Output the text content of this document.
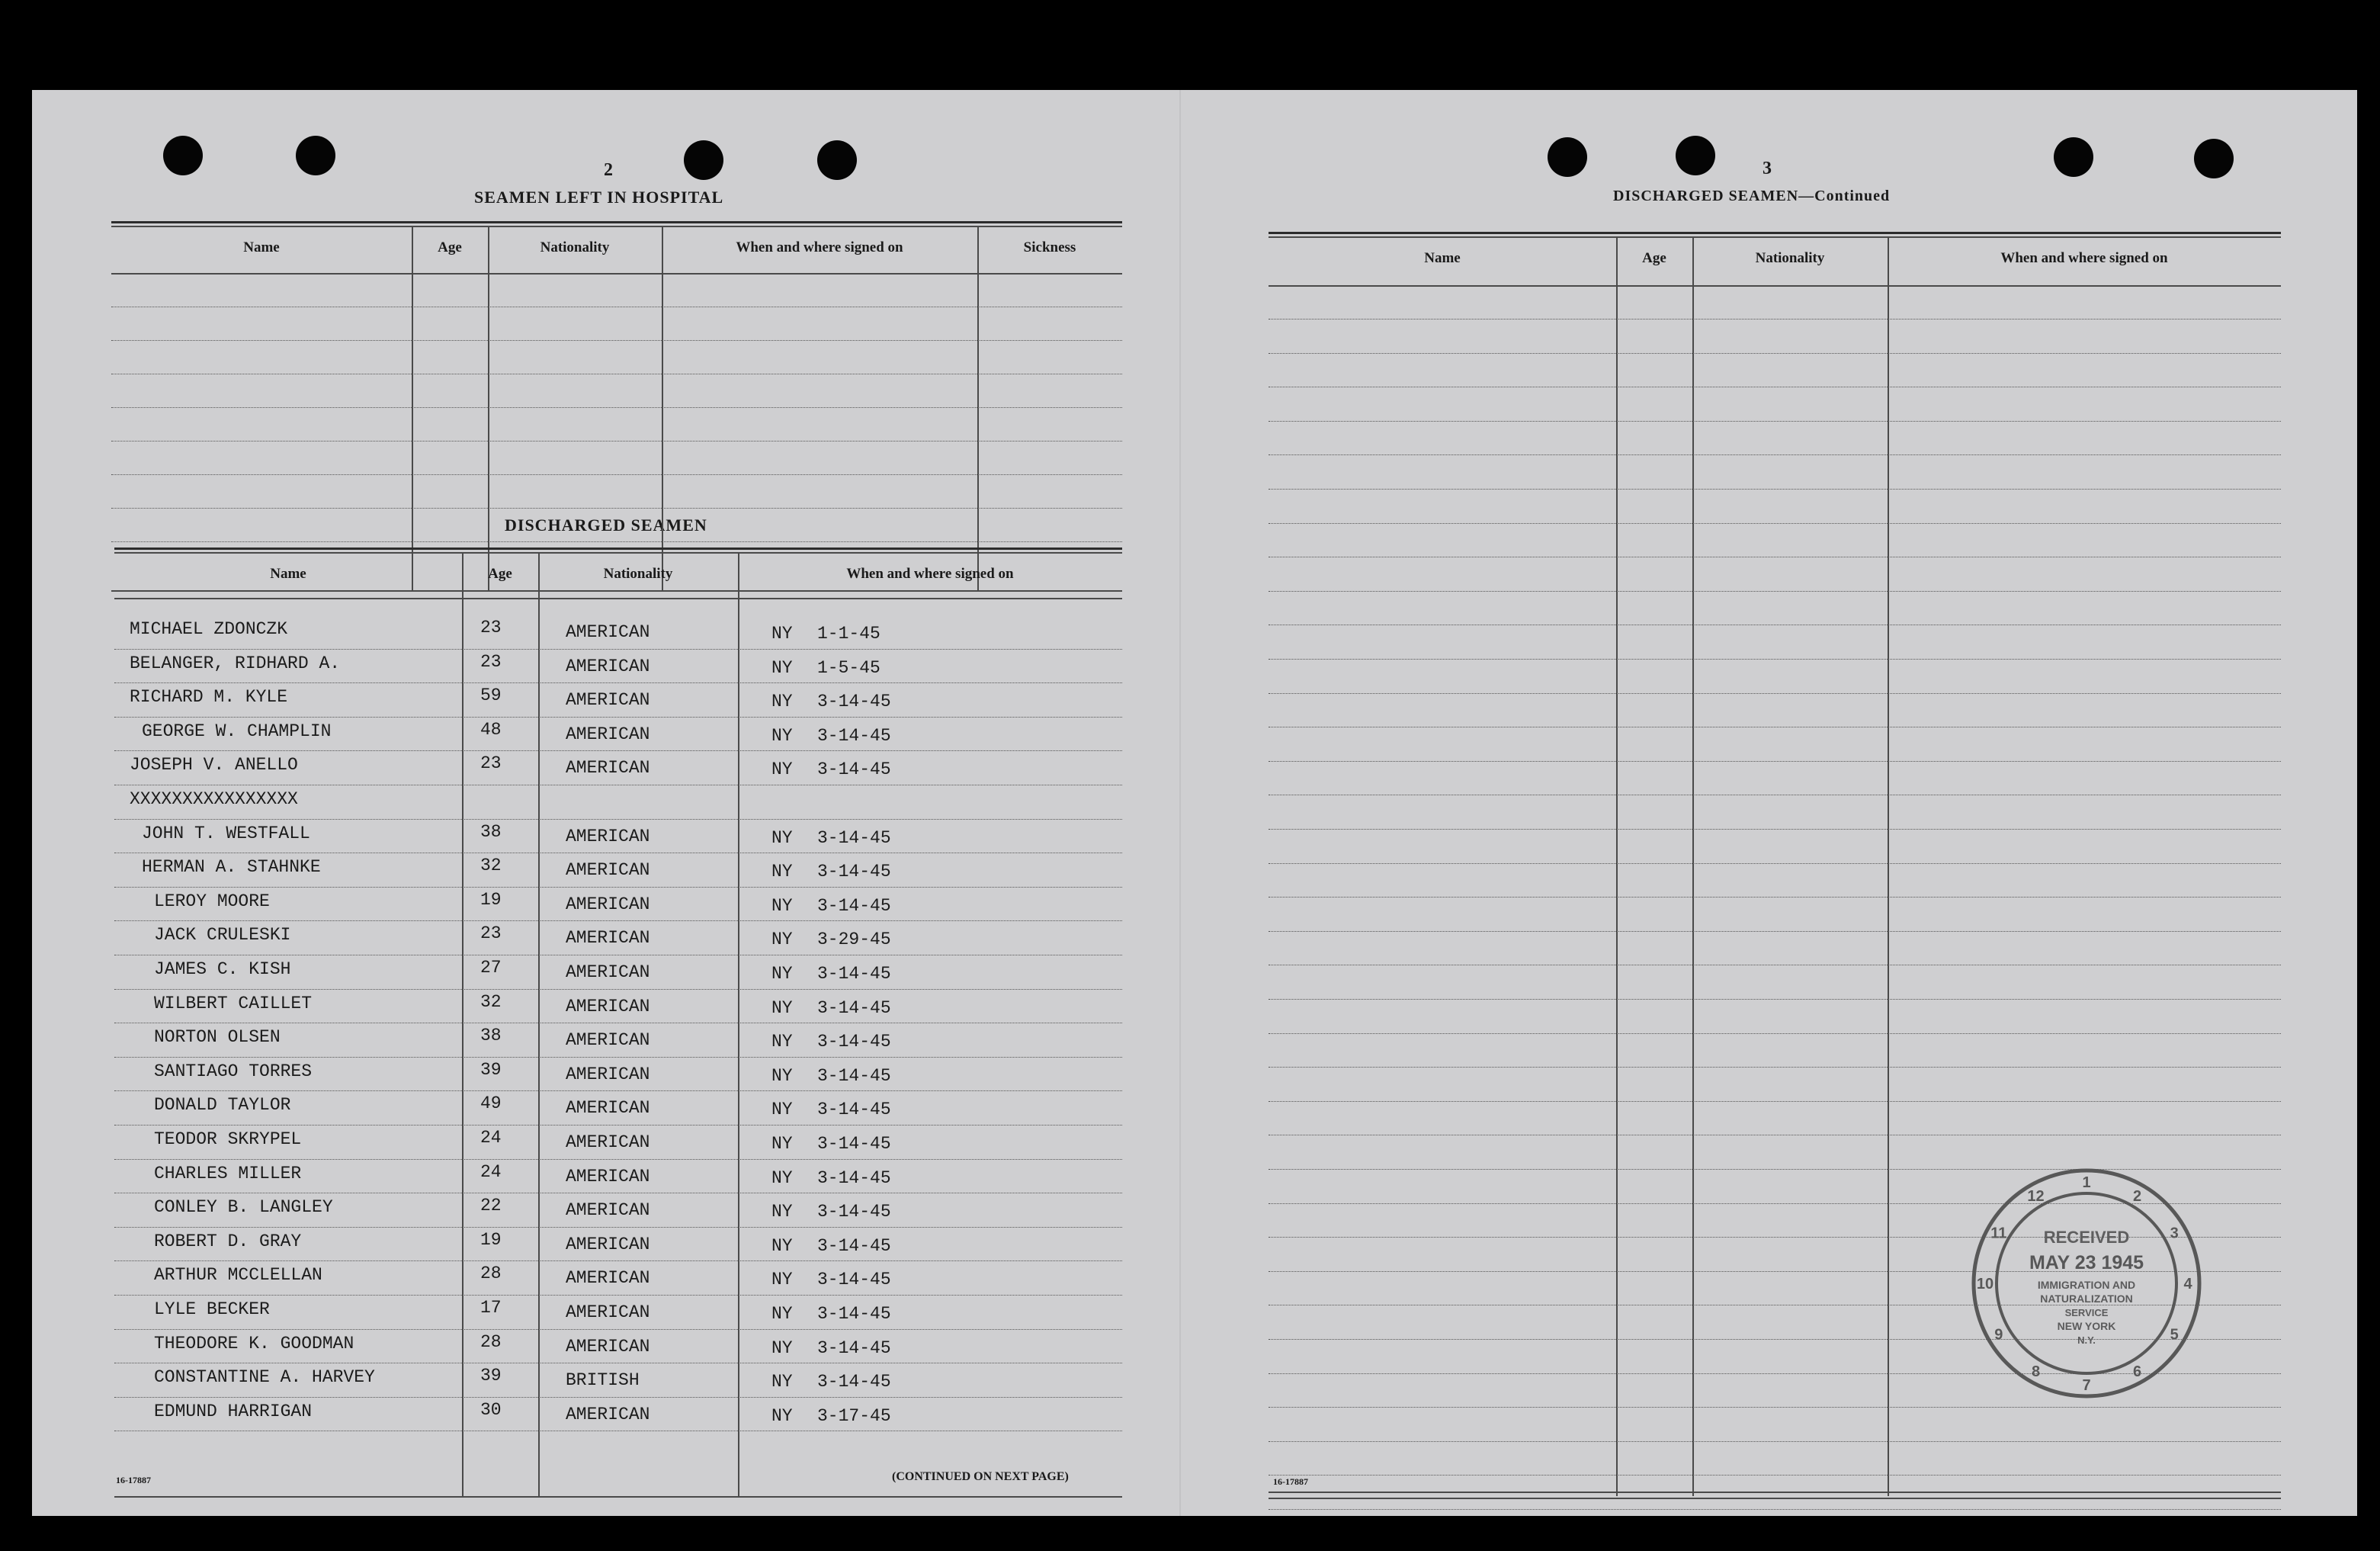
2
SEAMEN LEFT IN HOSPITAL
DISCHARGED SEAMEN
16-17887	(CONTINUED ON NEXT PAGE)
3
DISCHARGED SEAMEN—Continued
16-17887
8
9
10
11
12
1
2
3
4
5
6
7
RECEIVED
MAY 23 1945
IMMIGRATION AND
NATURALIZATION
SERVICE
NEW YORK
N.Y.
Name	Age	Nationality	When and where signed on	Sickness
Name	Age	Nationality	When and where signed on
MICHAEL ZDONCZK	23	AMERICAN	NY 1-1-45
BELANGER, RIDHARD A.	23	AMERICAN	NY 1-5-45
RICHARD M. KYLE	59	AMERICAN	NY 3-14-45
GEORGE W. CHAMPLIN	48	AMERICAN	NY 3-14-45
JOSEPH V. ANELLO	23	AMERICAN	NY 3-14-45
XXXXXXXXXXXXXXXX
JOHN T. WESTFALL	38	AMERICAN	NY 3-14-45
HERMAN A. STAHNKE	32	AMERICAN	NY 3-14-45
LEROY MOORE	19	AMERICAN	NY 3-14-45
JACK CRULESKI	23	AMERICAN	NY 3-29-45
JAMES C. KISH	27	AMERICAN	NY 3-14-45
WILBERT CAILLET	32	AMERICAN	NY 3-14-45
NORTON OLSEN	38	AMERICAN	NY 3-14-45
SANTIAGO TORRES	39	AMERICAN	NY 3-14-45
DONALD TAYLOR	49	AMERICAN	NY 3-14-45
TEODOR SKRYPEL	24	AMERICAN	NY 3-14-45
CHARLES MILLER	24	AMERICAN	NY 3-14-45
CONLEY B. LANGLEY	22	AMERICAN	NY 3-14-45
ROBERT D. GRAY	19	AMERICAN	NY 3-14-45
ARTHUR MCCLELLAN	28	AMERICAN	NY 3-14-45
LYLE BECKER	17	AMERICAN	NY 3-14-45
THEODORE K. GOODMAN	28	AMERICAN	NY 3-14-45
CONSTANTINE A. HARVEY	39	BRITISH	NY 3-14-45
EDMUND HARRIGAN	30	AMERICAN	NY 3-17-45
Name	Age	Nationality	When and where signed on
